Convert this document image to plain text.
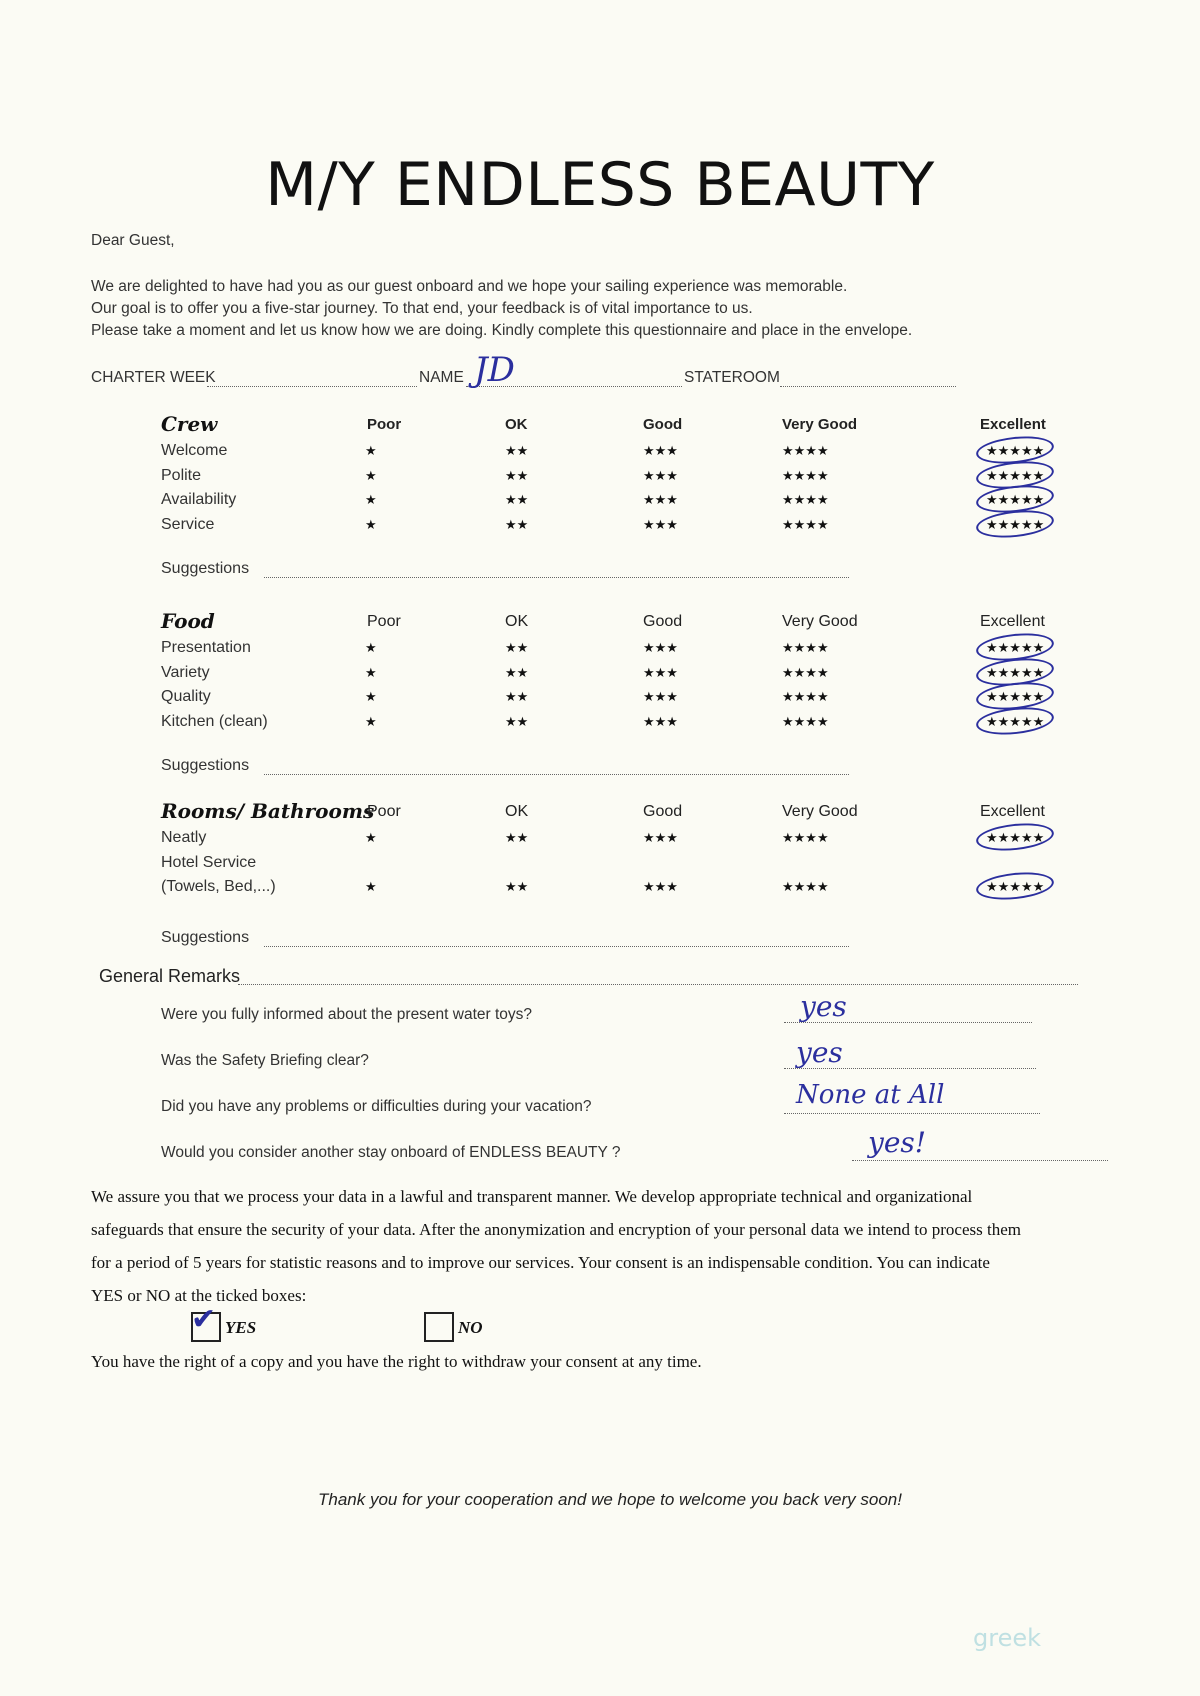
M/Y ENDLESS BEAUTY
Dear Guest,
We are delighted to have had you as our guest onboard and we hope your sailing experience was memorable.
Our goal is to offer you a five-star journey. To that end, your feedback is of vital importance to us.
Please take a moment and let us know how we are doing. Kindly complete this questionnaire and place in the envelope.
CHARTER WEEK	NAME JD	STATEROOM
Crew	Poor	OK	Good	Very Good	Excellent
Welcome	★	★★	★★★	★★★★	★★★★★
Polite	★	★★	★★★	★★★★	★★★★★
Availability	★	★★	★★★	★★★★	★★★★★
Service	★	★★	★★★	★★★★	★★★★★
Suggestions
Food	Poor	OK	Good	Very Good	Excellent
Presentation	★	★★	★★★	★★★★	★★★★★
Variety	★	★★	★★★	★★★★	★★★★★
Quality	★	★★	★★★	★★★★	★★★★★
Kitchen (clean)	★	★★	★★★	★★★★	★★★★★
Suggestions
Rooms/ Bathrooms
Poor	OK	Good	Very Good	Excellent
Neatly	★	★★	★★★	★★★★	★★★★★
Hotel Service
(Towels, Bed,...)	★	★★	★★★	★★★★	★★★★★
Suggestions
General Remarks
Were you fully informed about the present water toys?	yes
Was the Safety Briefing clear?	yes
Did you have any problems or difficulties during your vacation?	None at All
Would you consider another stay onboard of ENDLESS BEAUTY ?	yes!
We assure you that we process your data in a lawful and transparent manner. We develop appropriate technical and organizational
safeguards that ensure the security of your data. After the anonymization and encryption of your personal data we intend to process them
for a period of 5 years for statistic reasons and to improve our services. Your consent is an indispensable condition. You can indicate
YES or NO at the ticked boxes:
✔ YES	NO
You have the right of a copy and you have the right to withdraw your consent at any time.
Thank you for your cooperation and we hope to welcome you back very soon!
greek
